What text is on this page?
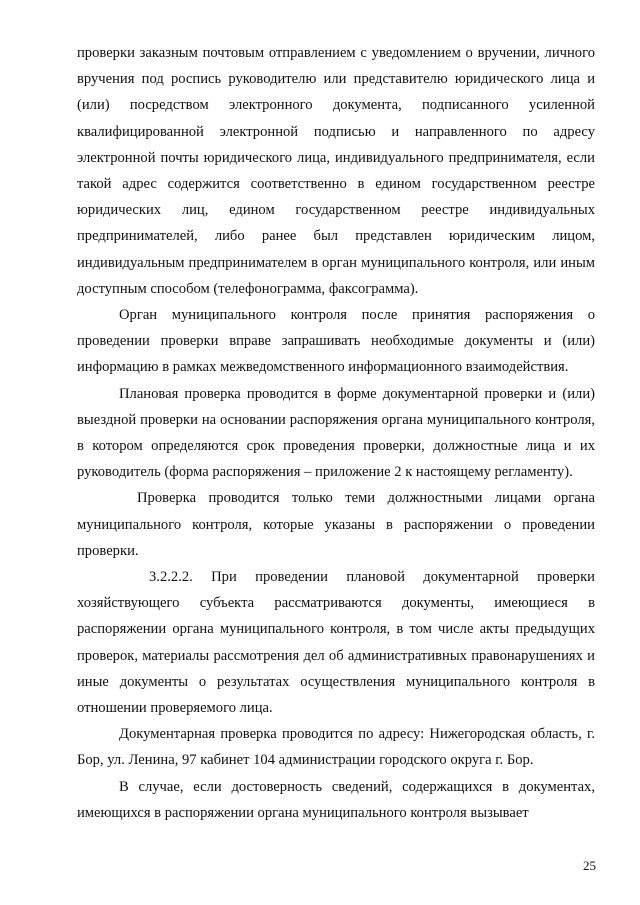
проверки заказным почтовым отправлением с уведомлением о вручении, личного вручения под роспись руководителю или представителю юридического лица и (или) посредством электронного документа, подписанного усиленной квалифицированной электронной подписью и направленного по адресу электронной почты юридического лица, индивидуального предпринимателя, если такой адрес содержится соответственно в едином государственном реестре юридических лиц, едином государственном реестре индивидуальных предпринимателей, либо ранее был представлен юридическим лицом, индивидуальным предпринимателем в орган муниципального контроля, или иным доступным способом (телефонограмма, факсограмма).

Орган муниципального контроля после принятия распоряжения о проведении проверки вправе запрашивать необходимые документы и (или) информацию в рамках межведомственного информационного взаимодействия.

Плановая проверка проводится в форме документарной проверки и (или) выездной проверки на основании распоряжения органа муниципального контроля, в котором определяются срок проведения проверки, должностные лица и их руководитель (форма распоряжения – приложение 2 к настоящему регламенту).

Проверка проводится только теми должностными лицами органа муниципального контроля, которые указаны в распоряжении о проведении проверки.

3.2.2.2. При проведении плановой документарной проверки хозяйствующего субъекта рассматриваются документы, имеющиеся в распоряжении органа муниципального контроля, в том числе акты предыдущих проверок, материалы рассмотрения дел об административных правонарушениях и иные документы о результатах осуществления муниципального контроля в отношении проверяемого лица.

Документарная проверка проводится по адресу: Нижегородская область, г. Бор, ул. Ленина, 97 кабинет 104 администрации городского округа г. Бор.

В случае, если достоверность сведений, содержащихся в документах, имеющихся в распоряжении органа муниципального контроля вызывает

25
